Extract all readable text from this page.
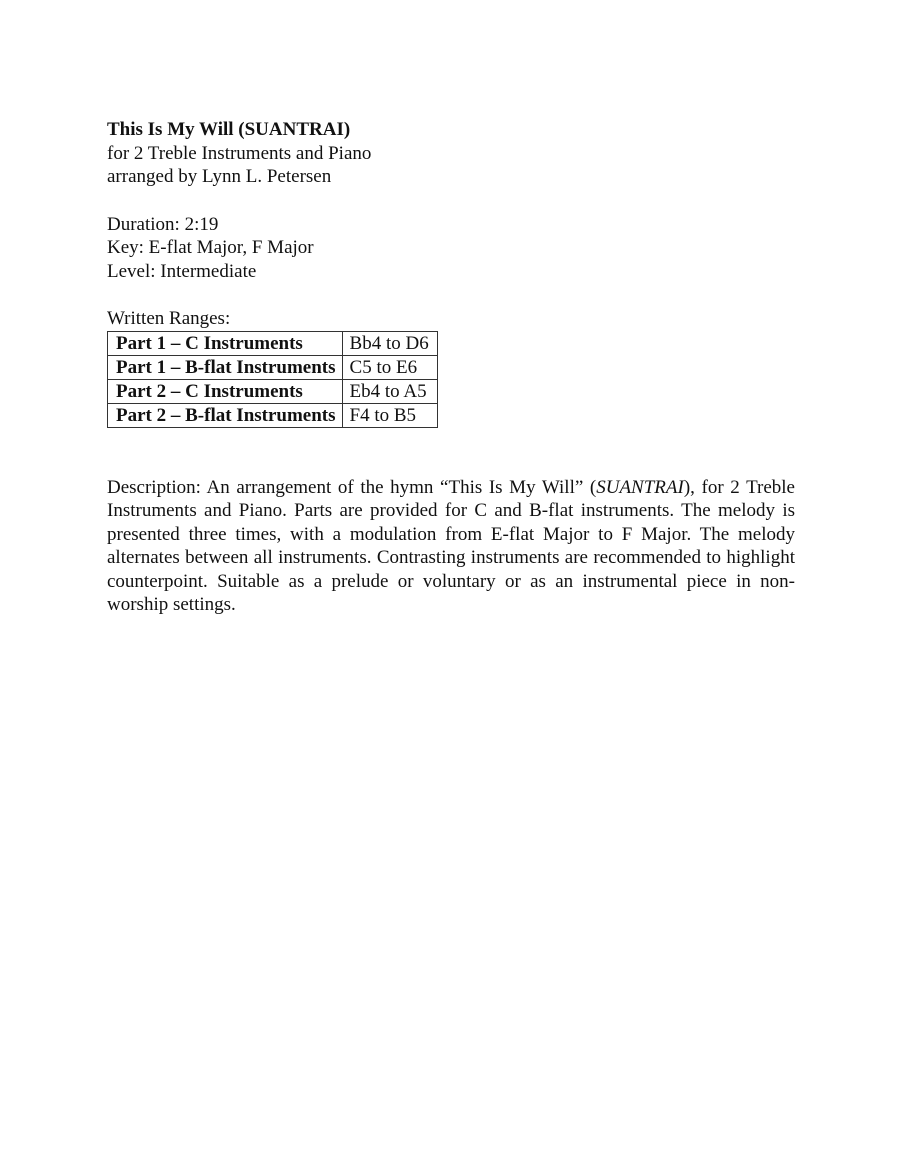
This Is My Will (SUANTRAI)
for 2 Treble Instruments and Piano
arranged by Lynn L. Petersen
Duration: 2:19
Key: E-flat Major, F Major
Level: Intermediate
Written Ranges:
Part 1 – C Instruments	Bb4 to D6
Part 1 – B-flat Instruments	C5 to E6
Part 2 – C Instruments	Eb4 to A5
Part 2 – B-flat Instruments	F4 to B5
Description: An arrangement of the hymn “This Is My Will” (SUANTRAI), for 2 Treble Instruments and Piano. Parts are provided for C and B-flat instruments. The melody is presented three times, with a modulation from E-flat Major to F Major. The melody alternates between all instruments. Contrasting instruments are recommended to highlight counterpoint. Suitable as a prelude or voluntary or as an instrumental piece in non-worship settings.
